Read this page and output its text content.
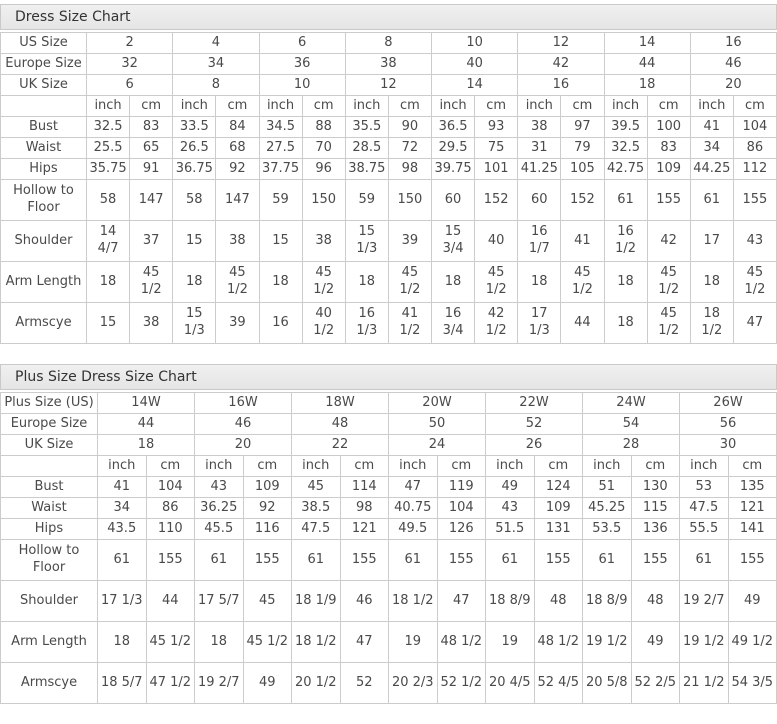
Dress Size Chart
US Size	2		4		6		8		10		12		14		16	
Europe Size	32		34		36		38		40		42		44		46	
UK Size	6		8		10		12		14		16		18		20	
	inch	cm	inch	cm	inch	cm	inch	cm	inch	cm	inch	cm	inch	cm	inch	cm
Bust	32.5	83	33.5	84	34.5	88	35.5	90	36.5	93	38	97	39.5	100	41	104
Waist	25.5	65	26.5	68	27.5	70	28.5	72	29.5	75	31	79	32.5	83	34	86
Hips	35.75	91	36.75	92	37.75	96	38.75	98	39.75	101	41.25	105	42.75	109	44.25	112
Hollow to Floor	58	147	58	147	59	150	59	150	60	152	60	152	61	155	61	155
Shoulder	14 4/7	37	15	38	15	38	15 1/3	39	15 3/4	40	16 1/7	41	16 1/2	42	17	43
Arm Length	18	45 1/2	18	45 1/2	18	45 1/2	18	45 1/2	18	45 1/2	18	45 1/2	18	45 1/2	18	45 1/2
Armscye	15	38	15 1/3	39	16	40 1/2	16 1/3	41 1/2	16 3/4	42 1/2	17 1/3	44	18	45 1/2	18 1/2	47
Plus Size Dress Size Chart
Plus Size (US)	14W		16W		18W		20W		22W		24W		26W	
Europe Size	44		46		48		50		52		54		56	
UK Size	18		20		22		24		26		28		30	
	inch	cm	inch	cm	inch	cm	inch	cm	inch	cm	inch	cm	inch	cm
Bust	41	104	43	109	45	114	47	119	49	124	51	130	53	135
Waist	34	86	36.25	92	38.5	98	40.75	104	43	109	45.25	115	47.5	121
Hips	43.5	110	45.5	116	47.5	121	49.5	126	51.5	131	53.5	136	55.5	141
Hollow to Floor	61	155	61	155	61	155	61	155	61	155	61	155	61	155
Shoulder	17 1/3	44	17 5/7	45	18 1/9	46	18 1/2	47	18 8/9	48	18 8/9	48	19 2/7	49
Arm Length	18	45 1/2	18	45 1/2	18 1/2	47	19	48 1/2	19	48 1/2	19 1/2	49	19 1/2	49 1/2
Armscye	18 5/7	47 1/2	19 2/7	49	20 1/2	52	20 2/3	52 1/2	20 4/5	52 4/5	20 5/8	52 2/5	21 1/2	54 3/5
